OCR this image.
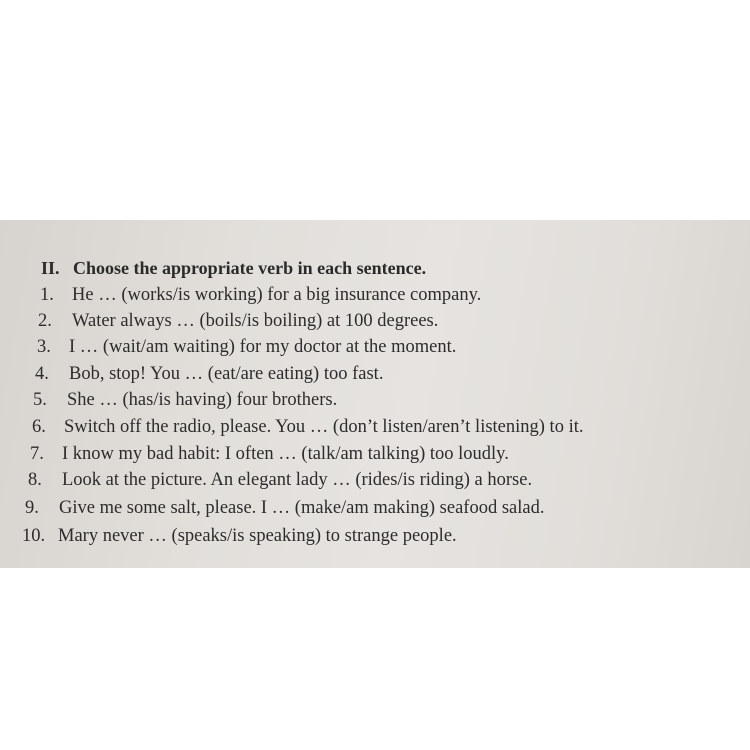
II. Choose the appropriate verb in each sentence.
1. He … (works/is working) for a big insurance company.
2. Water always … (boils/is boiling) at 100 degrees.
3. I … (wait/am waiting) for my doctor at the moment.
4. Bob, stop! You … (eat/are eating) too fast.
5. She … (has/is having) four brothers.
6. Switch off the radio, please. You … (don’t listen/aren’t listening) to it.
7. I know my bad habit: I often … (talk/am talking) too loudly.
8. Look at the picture. An elegant lady … (rides/is riding) a horse.
9. Give me some salt, please. I … (make/am making) seafood salad.
10. Mary never … (speaks/is speaking) to strange people.
